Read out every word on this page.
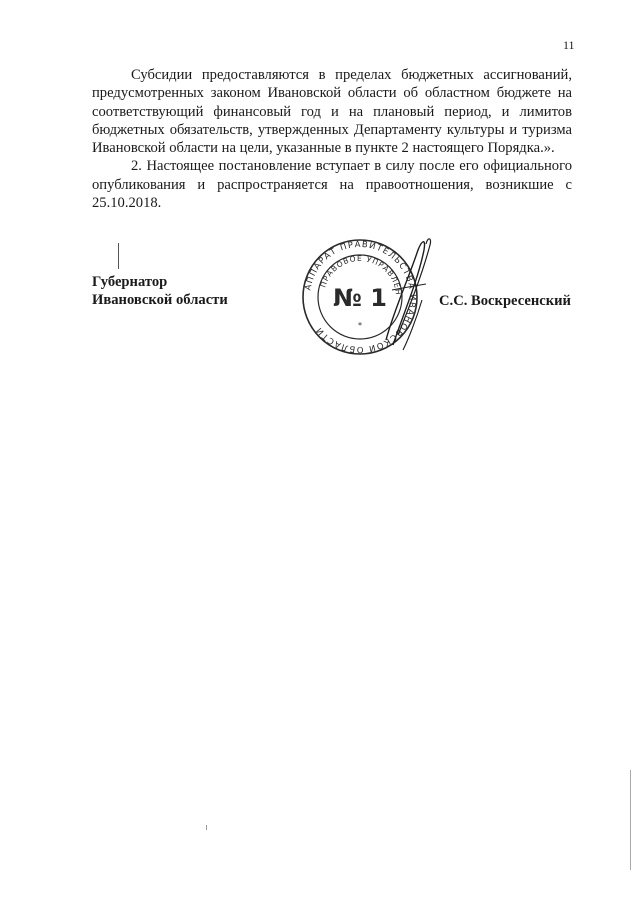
11

Субсидии предоставляются в пределах бюджетных ассигнований, предусмотренных законом Ивановской области об областном бюджете на соответствующий финансовый год и на плановый период, и лимитов бюджетных обязательств, утвержденных Департаменту культуры и туризма Ивановской области на цели, указанные в пункте 2 настоящего Порядка.».

2. Настоящее постановление вступает в силу после его официального опубликования и распространяется на правоотношения, возникшие с 25.10.2018.

Губернатор
Ивановской области	С.С. Воскресенский
АППАРАТ ПРАВИТЕЛЬСТВА ИВАНОВСКОЙ ОБЛАСТИ
ПРАВОВОЕ УПРАВЛЕН
№ 1
*
